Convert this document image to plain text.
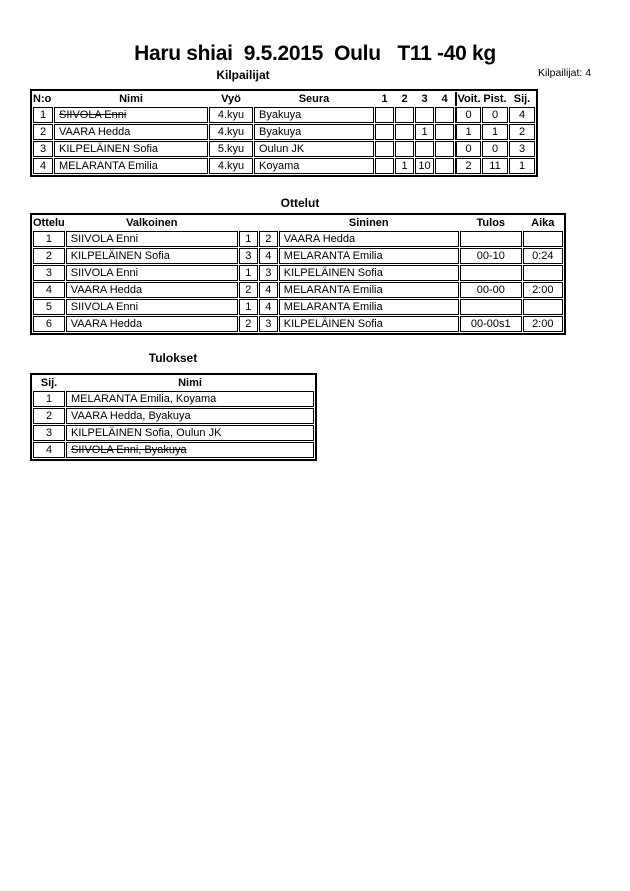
Haru shiai  9.5.2015  Oulu   T11 -40 kg
Kilpailijat	Kilpailijat: 4
N:o	Nimi	Vyö	Seura	1	2	3	4	Voit.	Pist.	Sij.
1	SIIVOLA Enni	4.kyu	Byakuya					0	0	4
2	VAARA Hedda	4.kyu	Byakuya			1		1	1	2
3	KILPELÄINEN Sofia	5.kyu	Oulun JK					0	0	3
4	MELARANTA Emilia	4.kyu	Koyama		1	10		2	11	1
Ottelut
Ottelu	Valkoinen			Sininen	Tulos	Aika
1	SIIVOLA Enni	1	2	VAARA Hedda		
2	KILPELÄINEN Sofia	3	4	MELARANTA Emilia	00-10	0:24
3	SIIVOLA Enni	1	3	KILPELÄINEN Sofia		
4	VAARA Hedda	2	4	MELARANTA Emilia	00-00	2:00
5	SIIVOLA Enni	1	4	MELARANTA Emilia		
6	VAARA Hedda	2	3	KILPELÄINEN Sofia	00-00s1	2:00
Tulokset
Sij.	Nimi
1	MELARANTA Emilia, Koyama
2	VAARA Hedda, Byakuya
3	KILPELÄINEN Sofia, Oulun JK
4	SIIVOLA Enni, Byakuya
